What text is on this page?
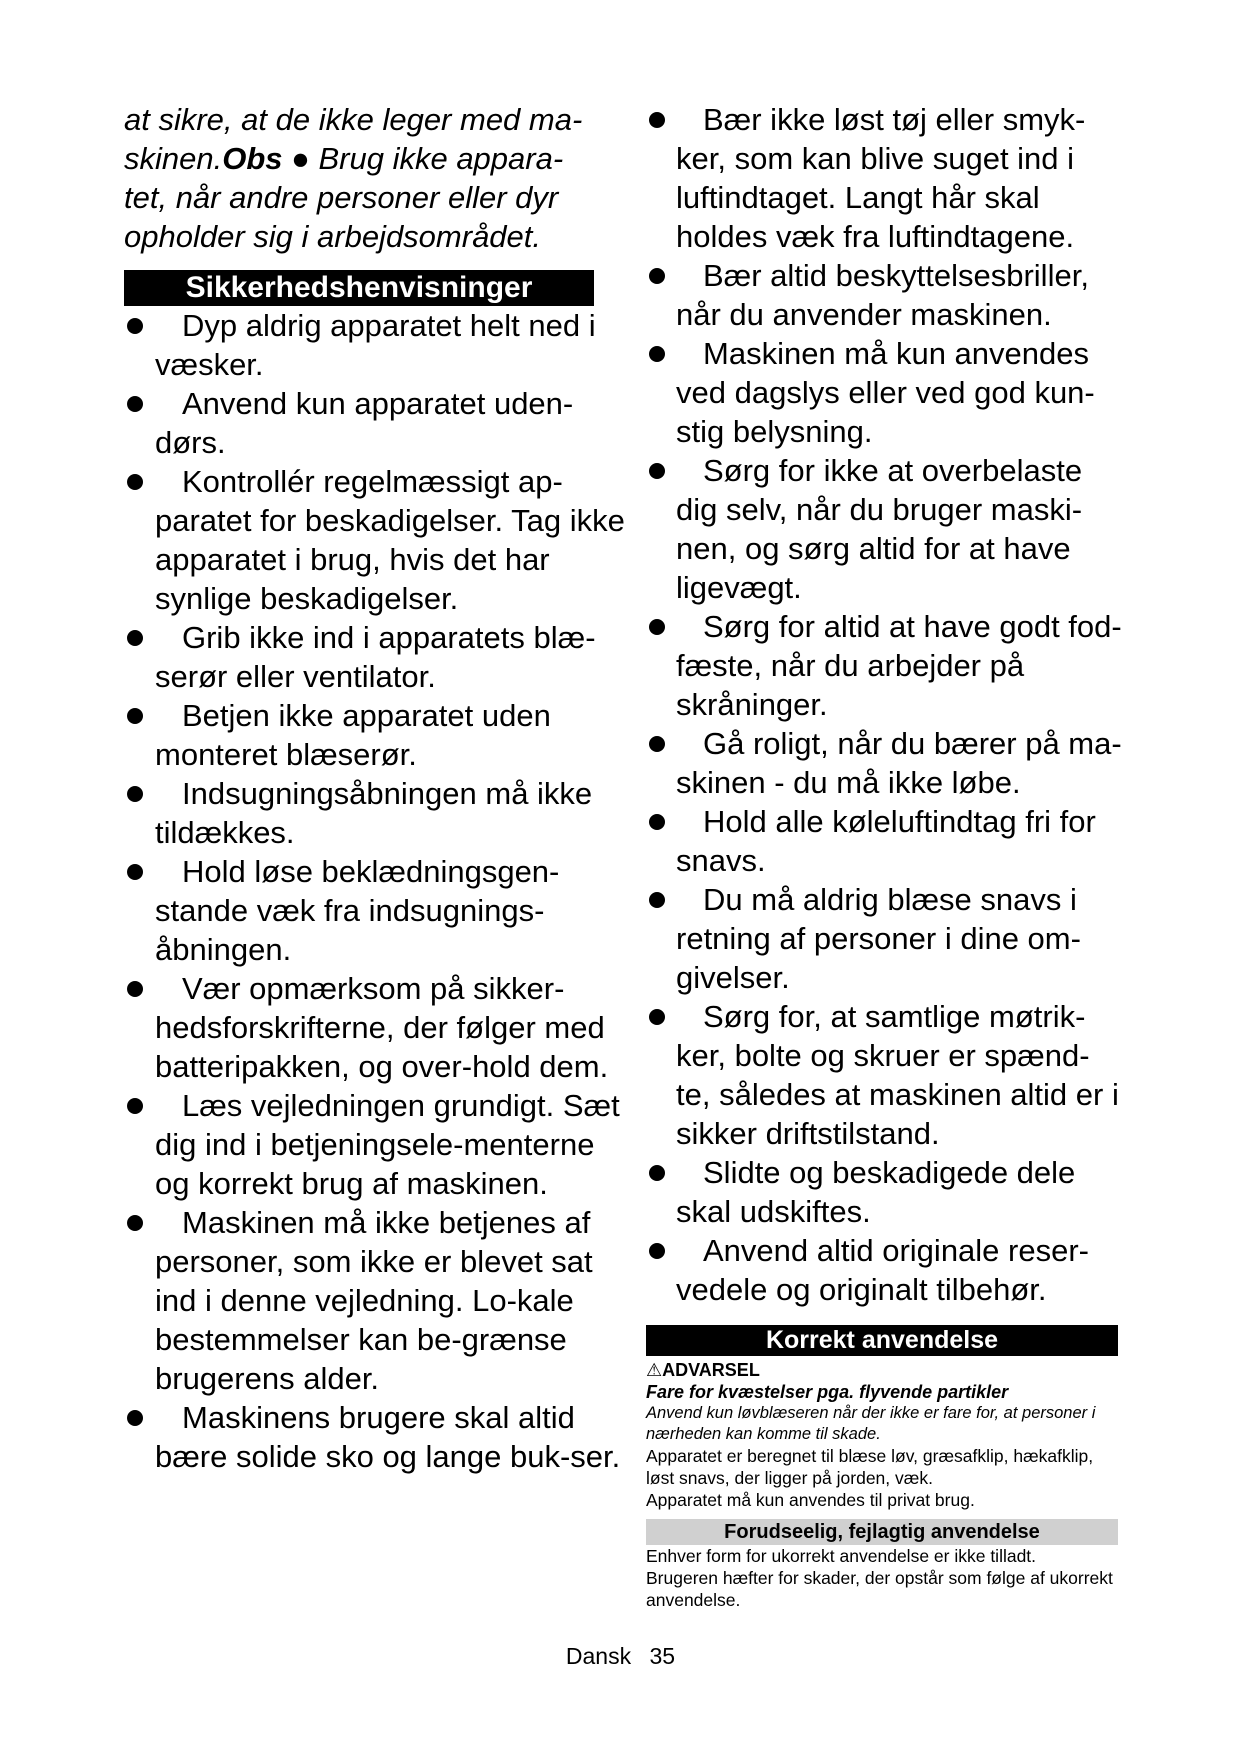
at sikre, at de ikke leger med ma-
skinen.Obs ● Brug ikke appara-
tet, når andre personer eller dyr
opholder sig i arbejdsområdet.
Sikkerhedshenvisninger
Dyp aldrig apparatet helt ned i væsker.
Anvend kun apparatet uden-dørs.
Kontrollér regelmæssigt ap-paratet for beskadigelser. Tag ikke apparatet i brug, hvis det har synlige beskadigelser.
Grib ikke ind i apparatets blæ-serør eller ventilator.
Betjen ikke apparatet uden monteret blæserør.
Indsugningsåbningen må ikke tildækkes.
Hold løse beklædningsgen-stande væk fra indsugnings-åbningen.
Vær opmærksom på sikker-hedsforskrifterne, der følger med batteripakken, og over-hold dem.
Læs vejledningen grundigt. Sæt dig ind i betjeningsele-menterne og korrekt brug af maskinen.
Maskinen må ikke betjenes af personer, som ikke er blevet sat ind i denne vejledning. Lo-kale bestemmelser kan be-grænse brugerens alder.
Maskinens brugere skal altid bære solide sko og lange buk-ser.
Bær ikke løst tøj eller smyk-ker, som kan blive suget ind i luftindtaget. Langt hår skal holdes væk fra luftindtagene.
Bær altid beskyttelsesbriller, når du anvender maskinen.
Maskinen må kun anvendes ved dagslys eller ved god kun-stig belysning.
Sørg for ikke at overbelaste dig selv, når du bruger maski-nen, og sørg altid for at have ligevægt.
Sørg for altid at have godt fod-fæste, når du arbejder på skråninger.
Gå roligt, når du bærer på ma-skinen - du må ikke løbe.
Hold alle køleluftindtag fri for snavs.
Du må aldrig blæse snavs i retning af personer i dine om-givelser.
Sørg for, at samtlige møtrik-ker, bolte og skruer er spænd-te, således at maskinen altid er i sikker driftstilstand.
Slidte og beskadigede dele skal udskiftes.
Anvend altid originale reser-vedele og originalt tilbehør.
Korrekt anvendelse
⚠ADVARSEL
Fare for kvæstelser pga. flyvende partikler
Anvend kun løvblæseren når der ikke er fare for, at personer i nærheden kan komme til skade.
Apparatet er beregnet til blæse løv, græsafklip, hækafklip, løst snavs, der ligger på jorden, væk.
Apparatet må kun anvendes til privat brug.
Forudseelig, fejlagtig anvendelse
Enhver form for ukorrekt anvendelse er ikke tilladt.
Brugeren hæfter for skader, der opstår som følge af ukorrekt anvendelse.
Dansk 35
